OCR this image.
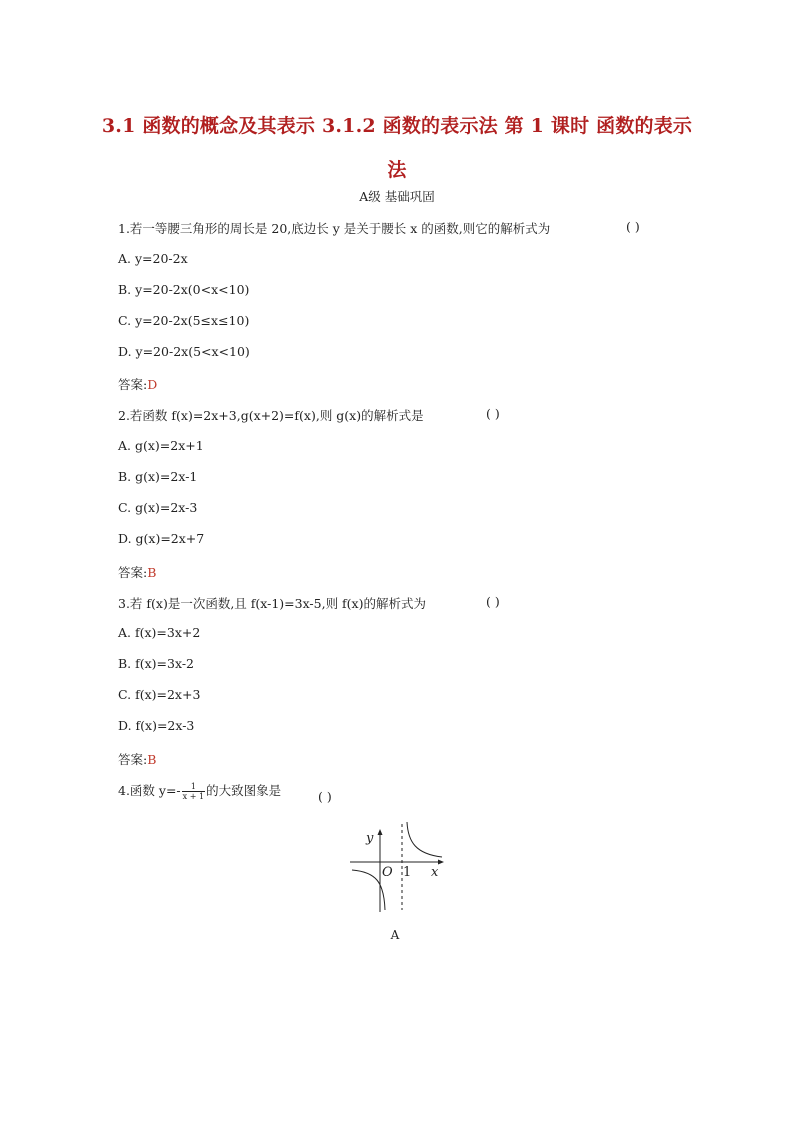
3.1 函数的概念及其表示 3.1.2 函数的表示法 第 1 课时 函数的表示
法
A级 基础巩固
1.若一等腰三角形的周长是 20,底边长 y 是关于腰长 x 的函数,则它的解析式为	( )
A. y=20-2x
B. y=20-2x(0<x<10)
C. y=20-2x(5≤x≤10)
D. y=20-2x(5<x<10)
答案:D
2.若函数 f(x)=2x+3,g(x+2)=f(x),则 g(x)的解析式是	( )
A. g(x)=2x+1
B. g(x)=2x-1
C. g(x)=2x-3
D. g(x)=2x+7
答案:B
3.若 f(x)是一次函数,且 f(x-1)=3x-5,则 f(x)的解析式为	( )
A. f(x)=3x+2
B. f(x)=3x-2
C. f(x)=2x+3
D. f(x)=2x-3
答案:B
4.函数 $y=- \frac{1}{x + 1}$ 的大致图象是	( )
y
O 1 x
A
